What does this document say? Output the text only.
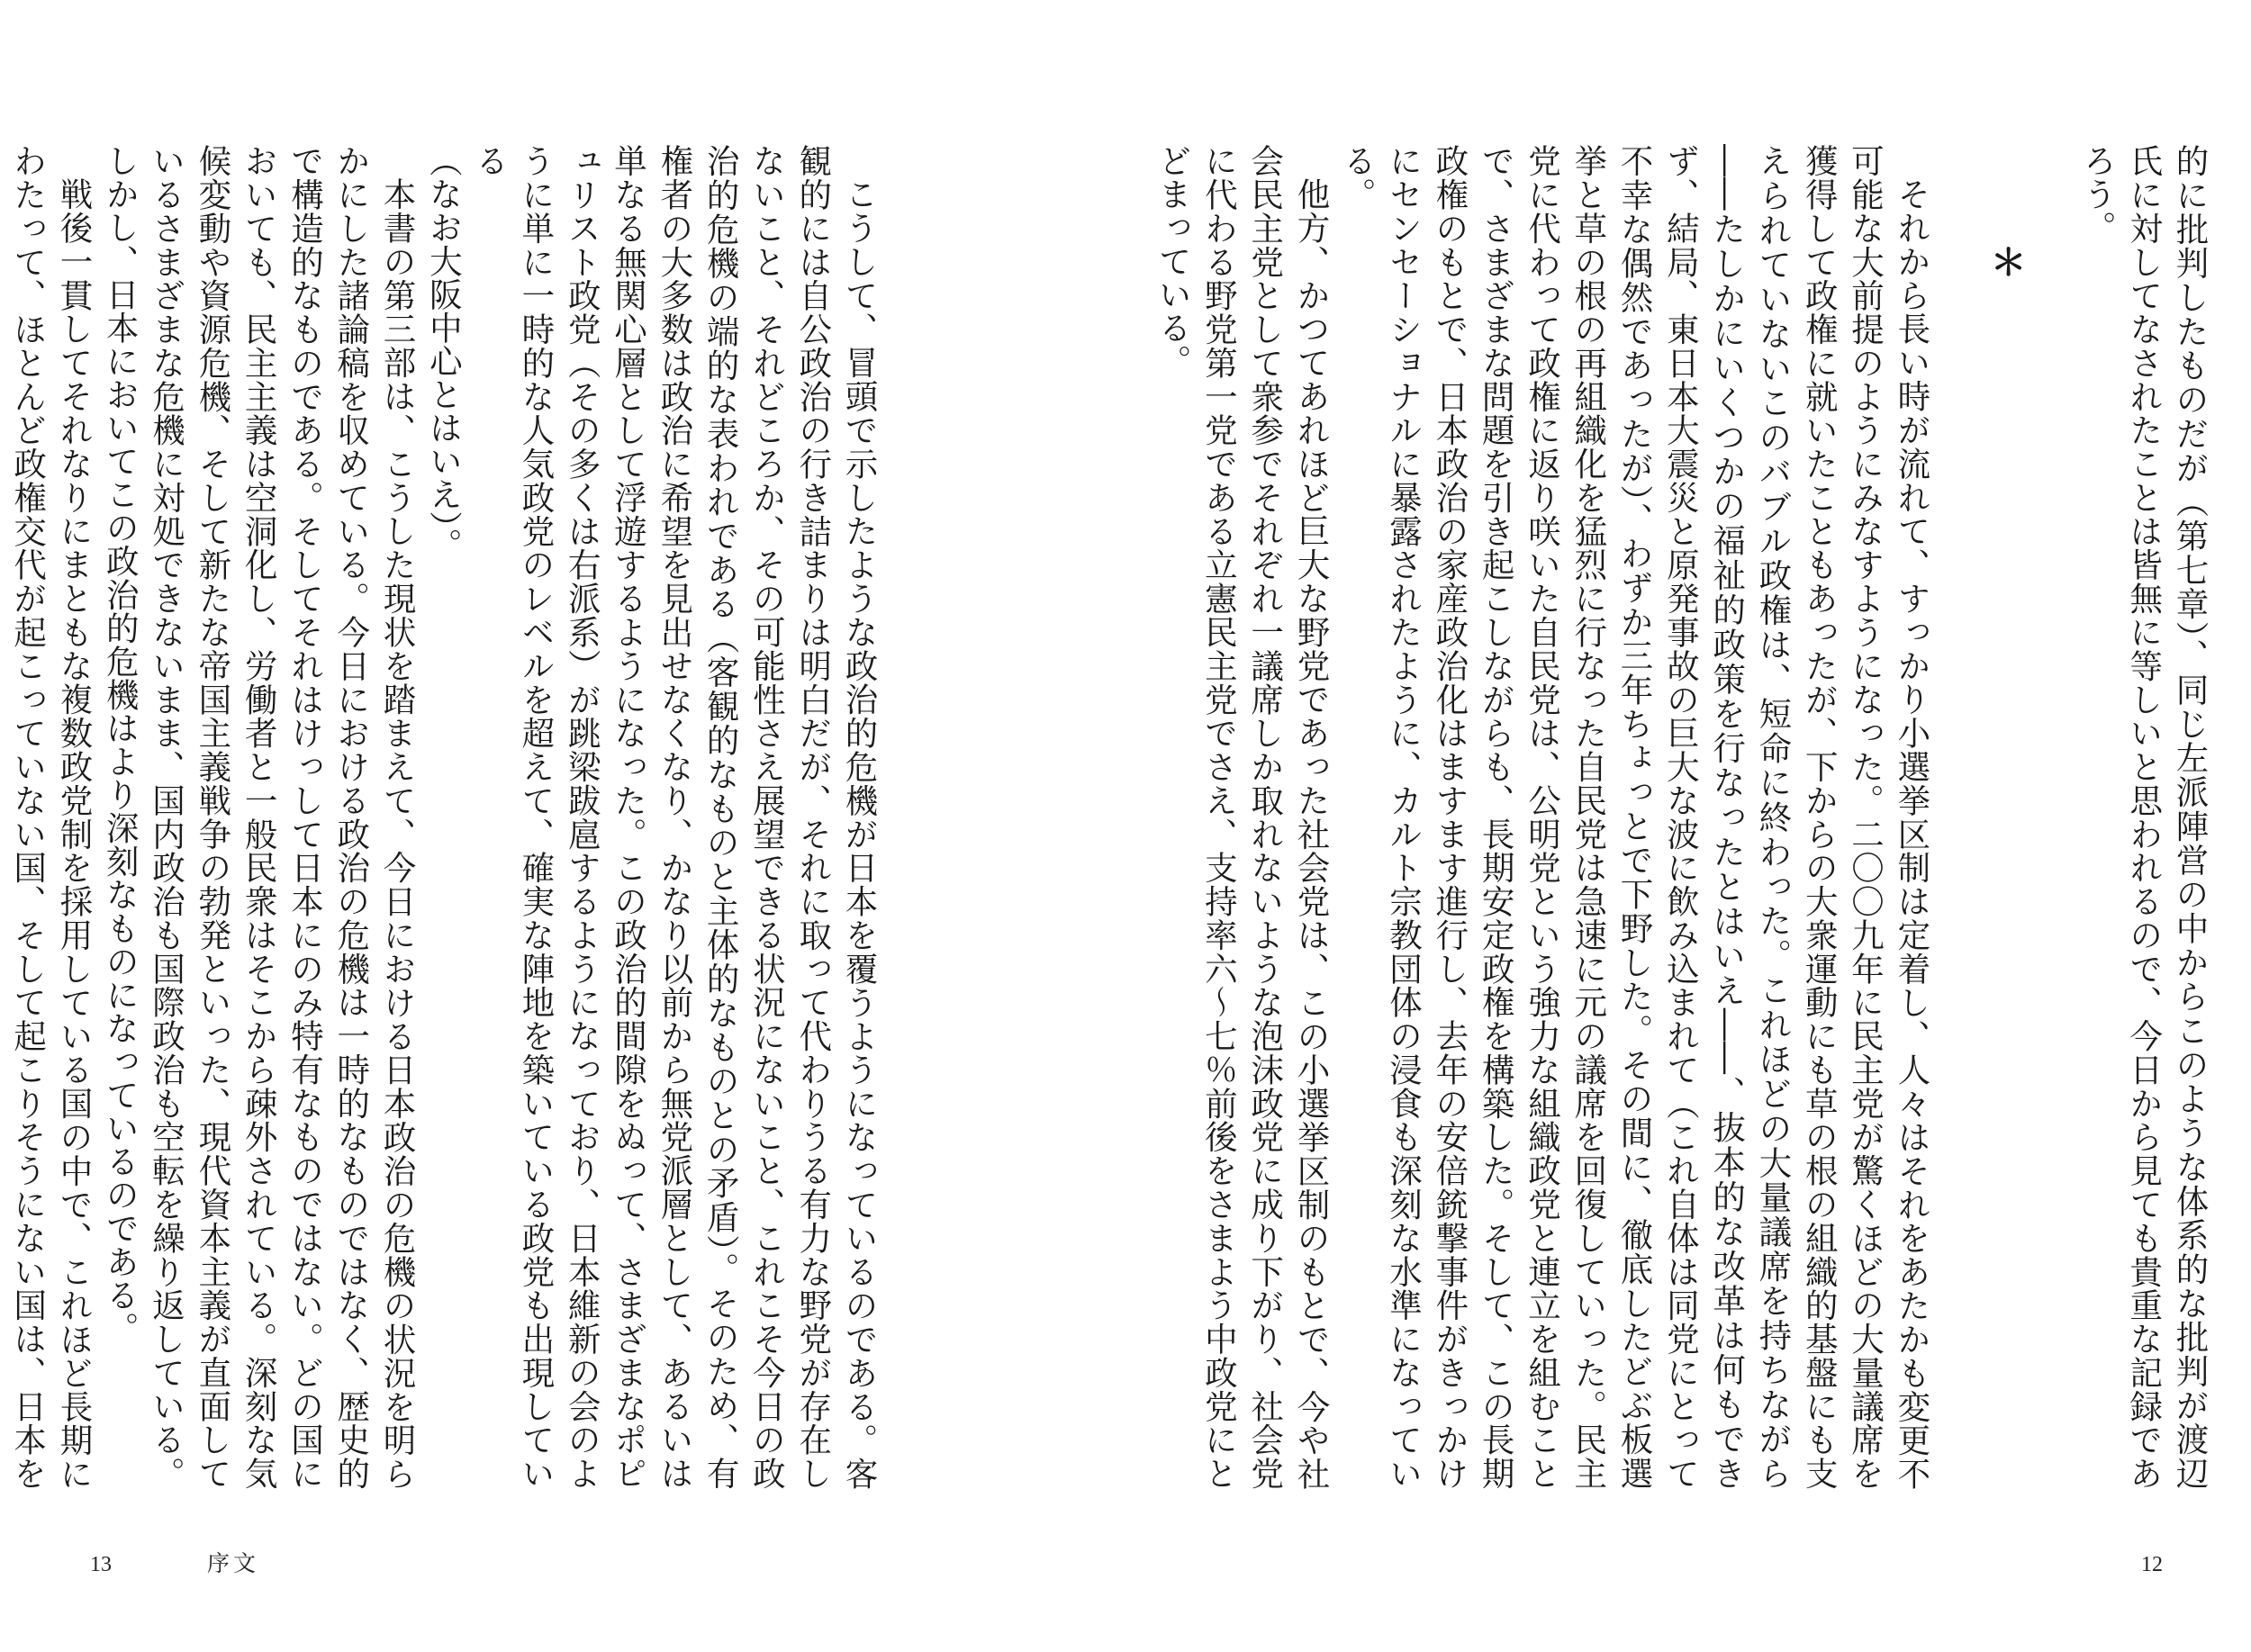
こうして、冒頭で示したような政治的危機が日本を覆うようになっているのである。客観的には自公政治の行き詰まりは明白だが、それに取って代わりうる有力な野党が存在しないこと、それどころか、その可能性さえ展望できる状況にないこと、これこそ今日の政治的危機の端的な表われである（客観的なものと主体的なものとの矛盾）。そのため、有権者の大多数は政治に希望を見出せなくなり、かなり以前から無党派層として、あるいは単なる無関心層として浮遊するようになった。この政治的間隙をぬって、さまざまなポピュリスト政党（その多くは右派系）が跳梁跋扈するようになっており、日本維新の会のように単に一時的な人気政党のレベルを超えて、確実な陣地を築いている政党も出現している

（なお大阪中心とはいえ）。

本書の第三部は、こうした現状を踏まえて、今日における日本政治の危機の状況を明らかにした諸論稿を収めている。今日における政治の危機は一時的なものではなく、歴史的で構造的なものである。そしてそれはけっして日本にのみ特有なものではない。どの国においても、民主主義は空洞化し、労働者と一般民衆はそこから疎外されている。深刻な気候変動や資源危機、そして新たな帝国主義戦争の勃発といった、現代資本主義が直面しているさまざまな危機に対処できないまま、国内政治も国際政治も空転を繰り返している。しかし、日本においてこの政治的危機はより深刻なものになっているのである。

戦後一貫してそれなりにまともな複数政党制を採用している国の中で、これほど長期にわたって、ほとんど政権交代が起こっていない国、そして起こりそうにない国は、日本を

13	序文

的に批判したものだが（第七章）、同じ左派陣営の中からこのような体系的な批判が渡辺氏に対してなされたことは皆無に等しいと思われるので、今日から見ても貴重な記録であろう。

＊

それから長い時が流れて、すっかり小選挙区制は定着し、人々はそれをあたかも変更不可能な大前提のようにみなすようになった。二〇〇九年に民主党が驚くほどの大量議席を獲得して政権に就いたこともあったが、下からの大衆運動にも草の根の組織的基盤にも支えられていないこのバブル政権は、短命に終わった。これほどの大量議席を持ちながら――たしかにいくつかの福祉的政策を行なったとはいえ――、抜本的な改革は何もできず、結局、東日本大震災と原発事故の巨大な波に飲み込まれて（これ自体は同党にとって不幸な偶然であったが）、わずか三年ちょっとで下野した。その間に、徹底したどぶ板選挙と草の根の再組織化を猛烈に行なった自民党は急速に元の議席を回復していった。民主党に代わって政権に返り咲いた自民党は、公明党という強力な組織政党と連立を組むことで、さまざまな問題を引き起こしながらも、長期安定政権を構築した。そして、この長期政権のもとで、日本政治の家産政治化はますます進行し、去年の安倍銃撃事件がきっかけにセンセーショナルに暴露されたように、カルト宗教団体の浸食も深刻な水準になっている。

他方、かつてあれほど巨大な野党であった社会党は、この小選挙区制のもとで、今や社会民主党として衆参でそれぞれ一議席しか取れないような泡沫政党に成り下がり、社会党に代わる野党第一党である立憲民主党でさえ、支持率六～七％前後をさまよう中政党にとどまっている。

12
